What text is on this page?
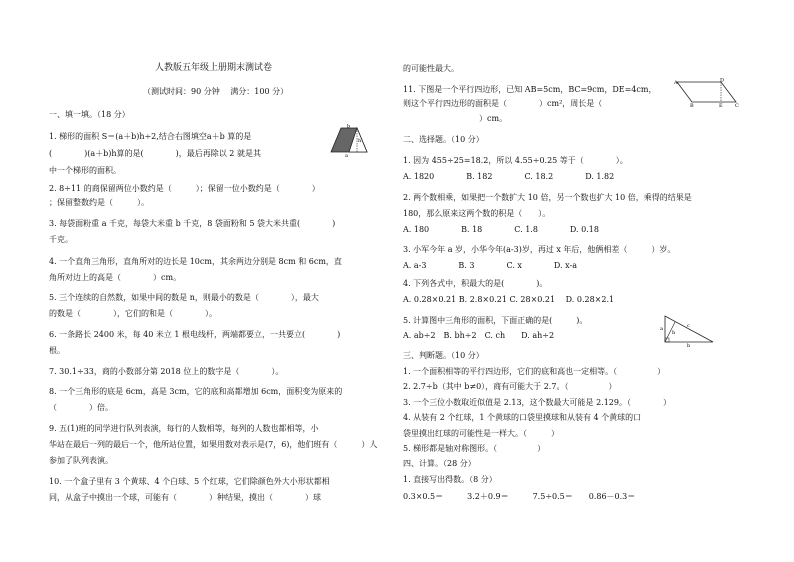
人教版五年级上册期末测试卷
（测试时间：90 分钟　 满分：100 分）
一、填一填。（18 分）
1. 梯形的面积 S＝(a＋b)h÷2,结合右图填空a＋b 算的是
(　　　　)(a＋b)h算的是(　　　　)，最后再除以 2 就是其
中一个梯形的面积。
a
h
b
2. 8÷11 的商保留两位小数约是（　　　）；保留一位小数约是（　　　　）
；保留整数约是（　　　）。
3. 每袋面粉重 a 千克，每袋大米重 b 千克，8 袋面粉和 5 袋大米共重(　　　　)
千克。
4. 一个直角三角形，直角所对的边长是 10cm，其余两边分别是 8cm 和 6cm，直
角所对边上的高是（　　　　）cm。
5. 三个连续的自然数，如果中间的数是 n，则最小的数是（　　　　），最大
的数是（　　　　），它们的和是（　　　　）。
6. 一条路长 2400 米，每 40 米立 1 根电线杆，两端都要立，一共要立(　　　　)
根。
7. 30.1÷33，商的小数部分第 2018 位上的数字是（　　　　）。
8. 一个三角形的底是 6cm，高是 3cm，它的底和高都增加 6cm，面积变为原来的
（　　　　）倍。
9. 五(1)班的同学进行队列表演，每行的人数相等，每列的人数也都相等，小
华站在最后一列的最后一个，他所站位置，如果用数对表示是(7，6)，他们班有（　　　）人
参加了队列表演。
10. 一个盒子里有 3 个黄球、4 个白球、5 个红球，它们除颜色外大小形状都相
同，从盒子中摸出一个球，可能有（　　　　）种结果，摸出（　　　　）球
的可能性最大。
11. 下图是一个平行四边形，已知 AB=5cm，BC=9cm，DE=4cm，
则这个平行四边形的面积是（　　　　）cm²，周长是（
）cm。
A	D
B	E C
二、选择题。（10 分）
1. 因为 455÷25=18.2，所以 4.55÷0.25 等于（　　　　）。
A. 1820　　　　B. 182　　　　C. 18.2　　　　D. 1.82
2. 两个数相乘，如果把一个数扩大 10 倍，另一个数也扩大 10 倍，乘得的结果是
180，那么原来这两个数的积是（　　）。
A. 180　　　　B. 18　　　　C. 1.8　　　　D. 0.18
3. 小军今年 a 岁，小华今年(a-3)岁，再过 x 年后，他俩相差（　　　）岁。
A. a-3　　　　B. 3　　　　C. x　　　　D. x-a
4. 下列各式中，积最大的是(　　　　)。
A. 0.28×0.21 B. 2.8×0.21 C. 28×0.21　 D. 0.28×2.1
5. 计算图中三角形的面积，下面正确的是(　　　)。
A. ab÷2　B. bh÷2　C. ch　　D. ah÷2
a	c
h
b
三、判断题。（10 分）
1. 一个面积相等的平行四边形，它们的底和高也一定相等。（　　　　　）
2. 2.7÷b（其中 b≠0），商有可能大于 2.7。（　　　　　）
3. 一个三位小数取近似值是 2.13，这个数最大可能是 2.129。（　　　　）
4. 从装有 2 个红球，1 个黄球的口袋里摸球和从装有 4 个黄球的口
袋里摸出红球的可能性是一样大。（　　　）
5. 梯形都是轴对称图形。（　　　　　）
四、计算。（28 分）
1. 直接写出得数。（8 分）
0.3×0.5＝　　　3.2＋0.9＝　　　7.5÷0.5＝　　0.86－0.3＝
